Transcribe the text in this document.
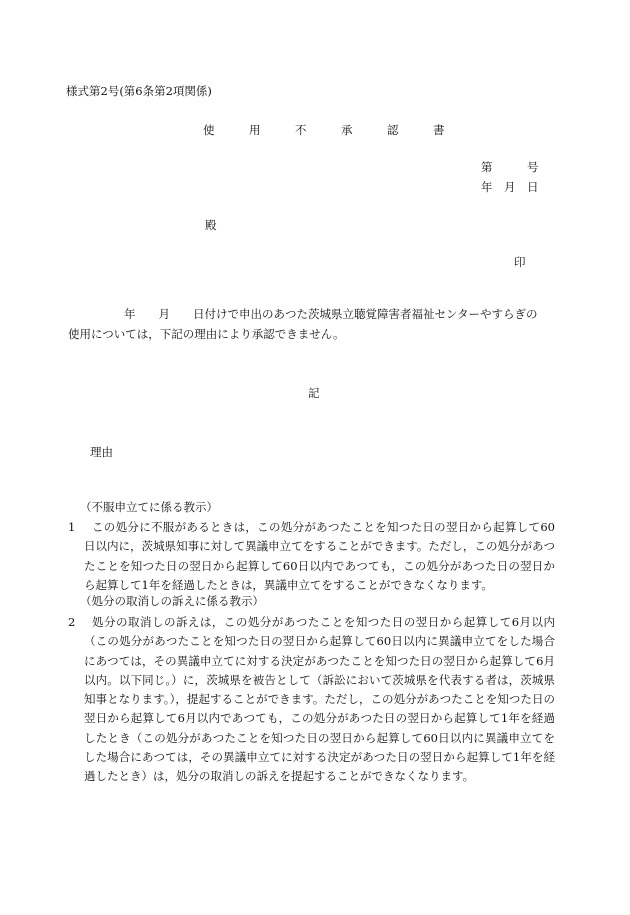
様式第2号(第6条第2項関係)
使	用	不	承	認	書
第　　　号
年　月　日
殿
印
年　　月　　日付けで申出のあつた茨城県立聴覚障害者福祉センターやすらぎの
使用については，下記の理由により承認できません。
記
理由
（不服申立てに係る教示）
1	この処分に不服があるときは，この処分があつたことを知つた日の翌日から起算して60日以内に，茨城県知事に対して異議申立てをすることができます。ただし，この処分があつたことを知つた日の翌日から起算して60日以内であつても，この処分があつた日の翌日から起算して1年を経過したときは，異議申立てをすることができなくなります。
（処分の取消しの訴えに係る教示）
2	処分の取消しの訴えは，この処分があつたことを知つた日の翌日から起算して6月以内（この処分があつたことを知つた日の翌日から起算して60日以内に異議申立てをした場合にあつては，その異議申立てに対する決定があつたことを知つた日の翌日から起算して6月以内。以下同じ。）に，茨城県を被告として（訴訟において茨城県を代表する者は，茨城県知事となります。），提起することができます。ただし，この処分があつたことを知つた日の翌日から起算して6月以内であつても，この処分があつた日の翌日から起算して1年を経過したとき（この処分があつたことを知つた日の翌日から起算して60日以内に異議申立てをした場合にあつては，その異議申立てに対する決定があつた日の翌日から起算して1年を経過したとき）は，処分の取消しの訴えを提起することができなくなります。
